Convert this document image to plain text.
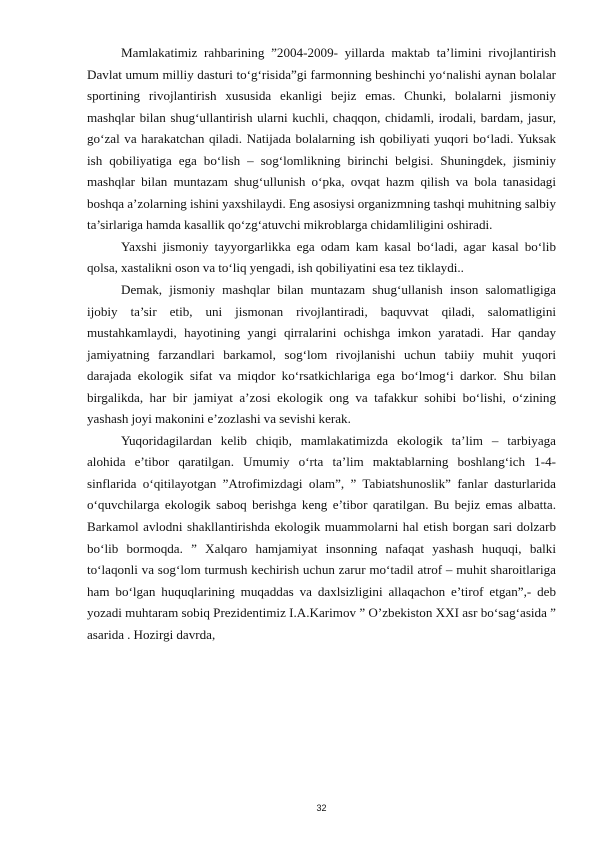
Mamlakatimiz rahbarining ”2004-2009- yillarda maktab ta’limini rivojlantirish Davlat umum milliy dasturi to‘g‘risida”gi farmonning beshinchi yo‘nalishi aynan bolalar sportining rivojlantirish xususida ekanligi bejiz emas. Chunki, bolalarni jismoniy mashqlar bilan shug‘ullantirish ularni kuchli, chaqqon, chidamli, irodali, bardam, jasur, go‘zal va harakatchan qiladi. Natijada bolalarning ish qobiliyati yuqori bo‘ladi. Yuksak ish qobiliyatiga ega bo‘lish – sog‘lomlikning birinchi belgisi. Shuningdek, jisminiy mashqlar bilan muntazam shug‘ullunish o‘pka, ovqat hazm qilish va bola tanasidagi boshqa a’zolarning ishini yaxshilaydi. Eng asosiysi organizmning tashqi muhitning salbiy ta’sirlariga hamda kasallik qo‘zg‘atuvchi mikroblarga chidamliligini oshiradi.

Yaxshi jismoniy tayyorgarlikka ega odam kam kasal bo‘ladi, agar kasal bo‘lib qolsa, xastalikni oson va to‘liq yengadi, ish qobiliyatini esa tez tiklaydi..

Demak, jismoniy mashqlar bilan muntazam shug‘ullanish inson salomatligiga ijobiy ta’sir etib, uni jismonan rivojlantiradi, baquvvat qiladi, salomatligini mustahkamlaydi, hayotining yangi qirralarini ochishga imkon yaratadi. Har qanday jamiyatning farzandlari barkamol, sog‘lom rivojlanishi uchun tabiiy muhit yuqori darajada ekologik sifat va miqdor ko‘rsatkichlariga ega bo‘lmog‘i darkor. Shu bilan birgalikda, har bir jamiyat a’zosi ekologik ong va tafakkur sohibi bo‘lishi, o‘zining yashash joyi makonini e’zozlashi va sevishi kerak.

Yuqoridagilardan kelib chiqib, mamlakatimizda ekologik ta’lim – tarbiyaga alohida e’tibor qaratilgan. Umumiy o‘rta ta’lim maktablarning boshlang‘ich 1-4- sinflarida o‘qitilayotgan ”Atrofimizdagi olam”, ” Tabiatshunoslik” fanlar dasturlarida o‘quvchilarga ekologik saboq berishga keng e’tibor qaratilgan. Bu bejiz emas albatta. Barkamol avlodni shakllantirishda ekologik muammolarni hal etish borgan sari dolzarb bo‘lib bormoqda. ” Xalqaro hamjamiyat insonning nafaqat yashash huquqi, balki to‘laqonli va sog‘lom turmush kechirish uchun zarur mo‘tadil atrof – muhit sharoitlariga ham bo‘lgan huquqlarining muqaddas va daxlsizligini allaqachon e’tirof etgan”,- deb yozadi muhtaram sobiq Prezidentimiz I.A.Karimov ” O’zbekiston XXI asr bo‘sag‘asida ” asarida . Hozirgi davrda,

32
